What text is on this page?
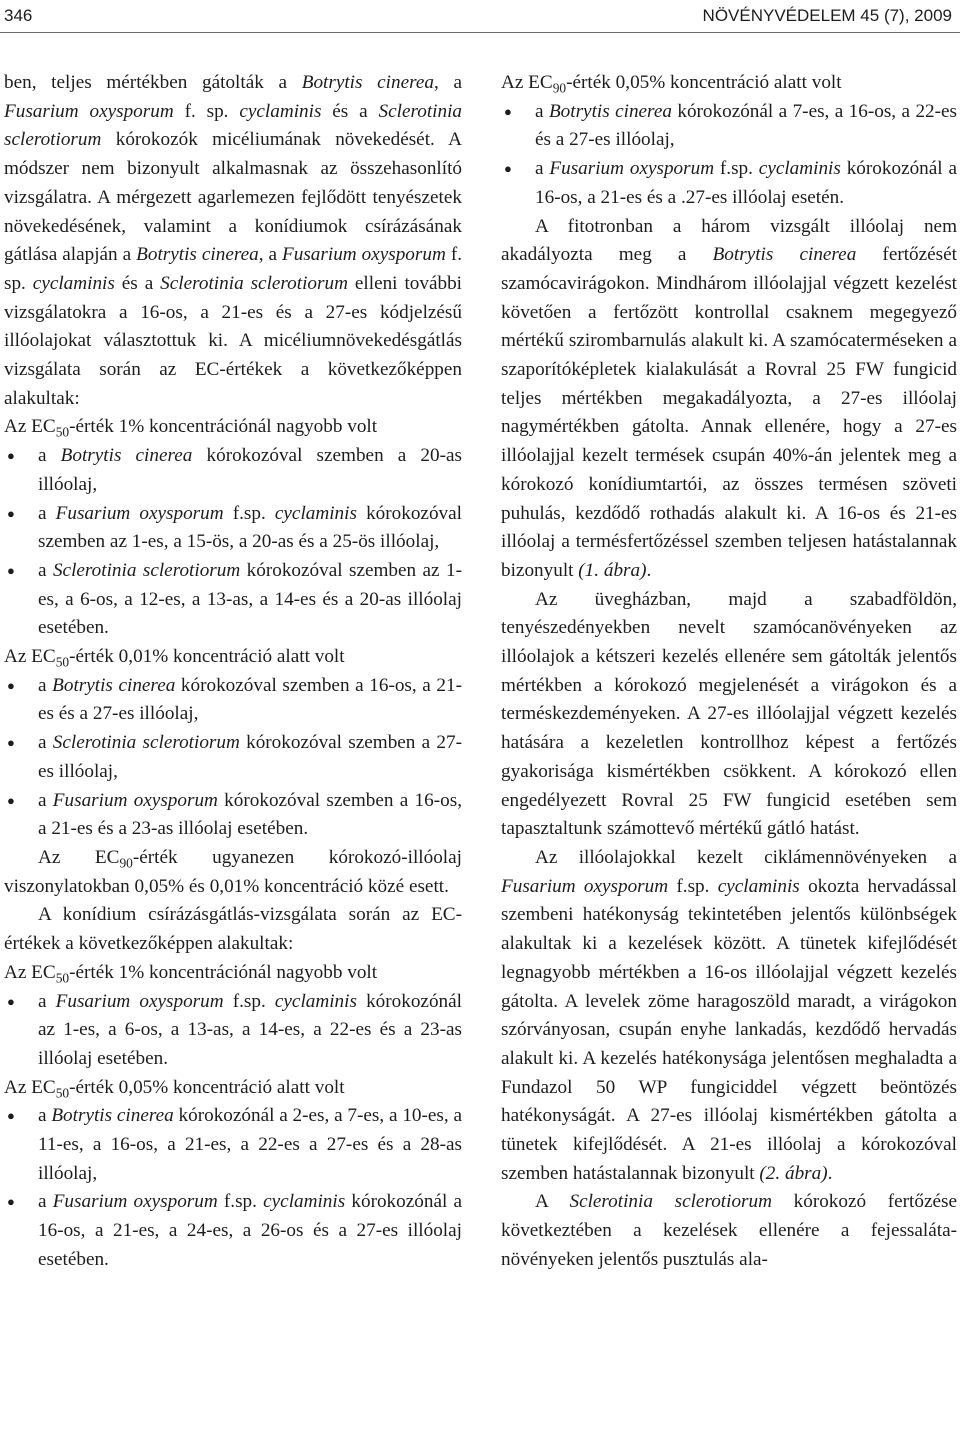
346	NÖVÉNYVÉDELEM 45 (7), 2009

ben, teljes mértékben gátolták a Botrytis cinerea, a Fusarium oxysporum f. sp. cyclaminis és a Sclerotinia sclerotiorum kórokozók micéliumának növekedését. A módszer nem bizonyult alkalmasnak az összehasonlító vizsgálatra. A mérgezett agarlemezen fejlődött tenyészetek növekedésének, valamint a konídiumok csírázásának gátlása alapján a Botrytis cinerea, a Fusarium oxysporum f. sp. cyclaminis és a Sclerotinia sclerotiorum elleni további vizsgálatokra a 16-os, a 21-es és a 27-es kódjelzésű illóolajokat választottuk ki. A micéliumnövekedésgátlás vizsgálata során az EC-értékek a következőképpen alakultak:

Az $EC_{50}$-érték 1% koncentrációnál nagyobb volt

● a Botrytis cinerea kórokozóval szemben a 20-as illóolaj,
● a Fusarium oxysporum f.sp. cyclaminis kórokozóval szemben az 1-es, a 15-ös, a 20-as és a 25-ös illóolaj,
● a Sclerotinia sclerotiorum kórokozóval szemben az 1-es, a 6-os, a 12-es, a 13-as, a 14-es és a 20-as illóolaj esetében.

Az $EC_{50}$-érték 0,01% koncentráció alatt volt

● a Botrytis cinerea kórokozóval szemben a 16-os, a 21-es és a 27-es illóolaj,
● a Sclerotinia sclerotiorum kórokozóval szemben a 27-es illóolaj,
● a Fusarium oxysporum kórokozóval szemben a 16-os, a 21-es és a 23-as illóolaj esetében.

Az $EC_{90}$-érték ugyanezen kórokozó-illóolaj viszonylatokban 0,05% és 0,01% koncentráció közé esett.

A konídium csírázásgátlás-vizsgálata során az EC-értékek a következőképpen alakultak:

Az $EC_{50}$-érték 1% koncentrációnál nagyobb volt

● a Fusarium oxysporum f.sp. cyclaminis kórokozónál az 1-es, a 6-os, a 13-as, a 14-es, a 22-es és a 23-as illóolaj esetében.

Az $EC_{50}$-érték 0,05% koncentráció alatt volt

● a Botrytis cinerea kórokozónál a 2-es, a 7-es, a 10-es, a 11-es, a 16-os, a 21-es, a 22-es a 27-es és a 28-as illóolaj,
● a Fusarium oxysporum f.sp. cyclaminis kórokozónál a 16-os, a 21-es, a 24-es, a 26-os és a 27-es illóolaj esetében.

Az $EC_{90}$-érték 0,05% koncentráció alatt volt

● a Botrytis cinerea kórokozónál a 7-es, a 16-os, a 22-es és a 27-es illóolaj,
● a Fusarium oxysporum f.sp. cyclaminis kórokozónál a 16-os, a 21-es és a .27-es illóolaj esetén.

A fitotronban a három vizsgált illóolaj nem akadályozta meg a Botrytis cinerea fertőzését szamócavirágokon. Mindhárom illóolajjal végzett kezelést követően a fertőzött kontrollal csaknem megegyező mértékű szirombarnulás alakult ki. A szamócaterméseken a szaporítóképletek kialakulását a Rovral 25 FW fungicid teljes mértékben megakadályozta, a 27-es illóolaj nagymértékben gátolta. Annak ellenére, hogy a 27-es illóolajjal kezelt termések csupán 40%-án jelentek meg a kórokozó konídiumtartói, az összes termésen szöveti puhulás, kezdődő rothadás alakult ki. A 16-os és 21-es illóolaj a termésfertőzéssel szemben teljesen hatástalannak bizonyult (1. ábra).

Az üvegházban, majd a szabadföldön, tenyészedényekben nevelt szamócanövényeken az illóolajok a kétszeri kezelés ellenére sem gátolták jelentős mértékben a kórokozó megjelenését a virágokon és a terméskezdeményeken. A 27-es illóolajjal végzett kezelés hatására a kezeletlen kontrollhoz képest a fertőzés gyakorisága kismértékben csökkent. A kórokozó ellen engedélyezett Rovral 25 FW fungicid esetében sem tapasztaltunk számottevő mértékű gátló hatást.

Az illóolajokkal kezelt ciklámennövényeken a Fusarium oxysporum f.sp. cyclaminis okozta hervadással szembeni hatékonyság tekintetében jelentős különbségek alakultak ki a kezelések között. A tünetek kifejlődését legnagyobb mértékben a 16-os illóolajjal végzett kezelés gátolta. A levelek zöme haragoszöld maradt, a virágokon szórványosan, csupán enyhe lankadás, kezdődő hervadás alakult ki. A kezelés hatékonysága jelentősen meghaladta a Fundazol 50 WP fungiciddel végzett beöntözés hatékonyságát. A 27-es illóolaj kismértékben gátolta a tünetek kifejlődését. A 21-es illóolaj a kórokozóval szemben hatástalannak bizonyult (2. ábra).

A Sclerotinia sclerotiorum kórokozó fertőzése következtében a kezelések ellenére a fejessaláta-növényeken jelentős pusztulás ala-
